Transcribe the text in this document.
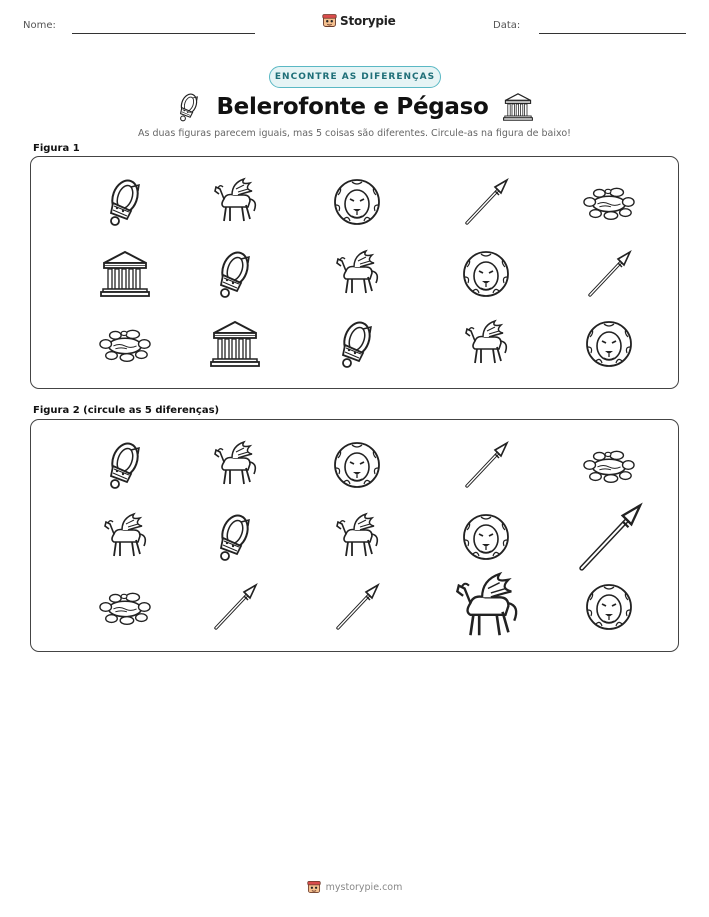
Nome:	Storypie	Data:
ENCONTRE AS DIFERENÇAS
Belerofonte e Pégaso
As duas figuras parecem iguais, mas 5 coisas são diferentes. Circule-as na figura de baixo!
Figura 1
Figura 2 (circule as 5 diferenças)
mystorypie.com
